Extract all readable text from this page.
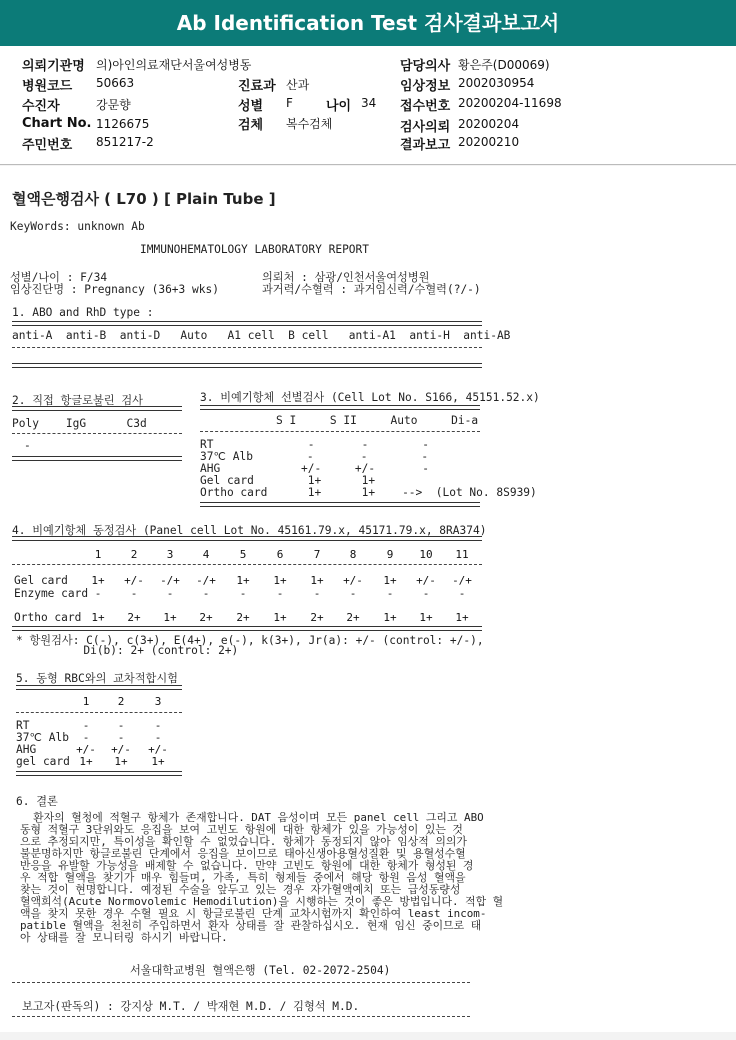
Ab Identification Test 검사결과보고서
의뢰기관명 의)아인의료재단서울여성병동
병원코드 50663
수진자	강문향
Chart No. 1126675
주민번호 851217-2
진료과 산과
성별 F	나이 34
검체 복수검체
담당의사 황은주(D00069)
임상정보 2002030954
접수번호 20200204-11698
검사의뢰 20200204
결과보고 20200210
혈액은행검사 ( L70 ) [ Plain Tube ]
KeyWords: unknown Ab
IMMUNOHEMATOLOGY LABORATORY REPORT
성별/나이 : F/34
임상진단명 : Pregnancy (36+3 wks)
의뢰처 : 삼광/인천서울여성병원
과거력/수혈력 : 과거임신력/수혈력(?/-)
1. ABO and RhD type :
anti-A  anti-B  anti-D   Auto   A1 cell  B cell   anti-A1  anti-H  anti-AB
2. 직접 항글로불린 검사
Poly    IgG      C3d
-
3. 비예기항체 선별검사 (Cell Lot No. S166, 45151.52.x)
S I     S II     Auto     Di-a
RT              -       -        -
37℃ Alb        -       -        -
AHG            +/-     +/-       -
Gel card        1+      1+
Ortho card      1+      1+    -->  (Lot No. 8S939)
4. 비예기항체 동정검사 (Panel cell Lot No. 45161.79.x, 45171.79.x, 8RA374)
1	2	3	4	5	6	7	8	9	10	11
Gel card	1+	+/-	-/+	-/+	1+	1+	1+	+/-	1+	+/-	-/+
Enzyme card -	-	-	-	-	-	-	-	-	-	-
Ortho card 1+	2+	1+	2+	2+	1+	2+	2+	1+	1+	1+
* 항원검사: C(-), c(3+), E(4+), e(-), k(3+), Jr(a): +/- (control: +/-),
Di(b): 2+ (control: 2+)
5. 동형 RBC와의 교차적합시험
1	2	3
RT	-	-	-
37℃ Alb	-	-	-
AHG	+/-	+/-	+/-
gel card 1+	1+	1+
6. 결론
환자의 혈청에 적혈구 항체가 존재합니다. DAT 음성이며 모든 panel cell 그리고 ABO
동형 적혈구 3단위와도 응집을 보여 고빈도 항원에 대한 항체가 있을 가능성이 있는 것
으로 추정되지만, 특이성을 확인할 수 없었습니다. 항체가 동정되지 않아 임상적 의의가
불분명하지만 항글로불린 단계에서 응집을 보이므로 태아신생아용혈성질환 및 용혈성수혈
반응을 유발할 가능성을 배제할 수 없습니다. 만약 고빈도 항원에 대한 항체가 형성된 경
우 적합 혈액을 찾기가 매우 힘들며, 가족, 특히 형제들 중에서 해당 항원 음성 혈액을
찾는 것이 현명합니다. 예정된 수술을 앞두고 있는 경우 자가혈액예치 또는 급성동량성
혈액희석(Acute Normovolemic Hemodilution)을 시행하는 것이 좋은 방법입니다. 적합 혈
액을 찾지 못한 경우 수혈 필요 시 항글로불린 단계 교차시험까지 확인하여 least incom-
patible 혈액을 천천히 주입하면서 환자 상태를 잘 관찰하십시오. 현재 임신 중이므로 태
아 상태를 잘 모니터링 하시기 바랍니다.
서울대학교병원 혈액은행 (Tel. 02-2072-2504)
보고자(판독의) : 강지상 M.T. / 박재현 M.D. / 김형석 M.D.
